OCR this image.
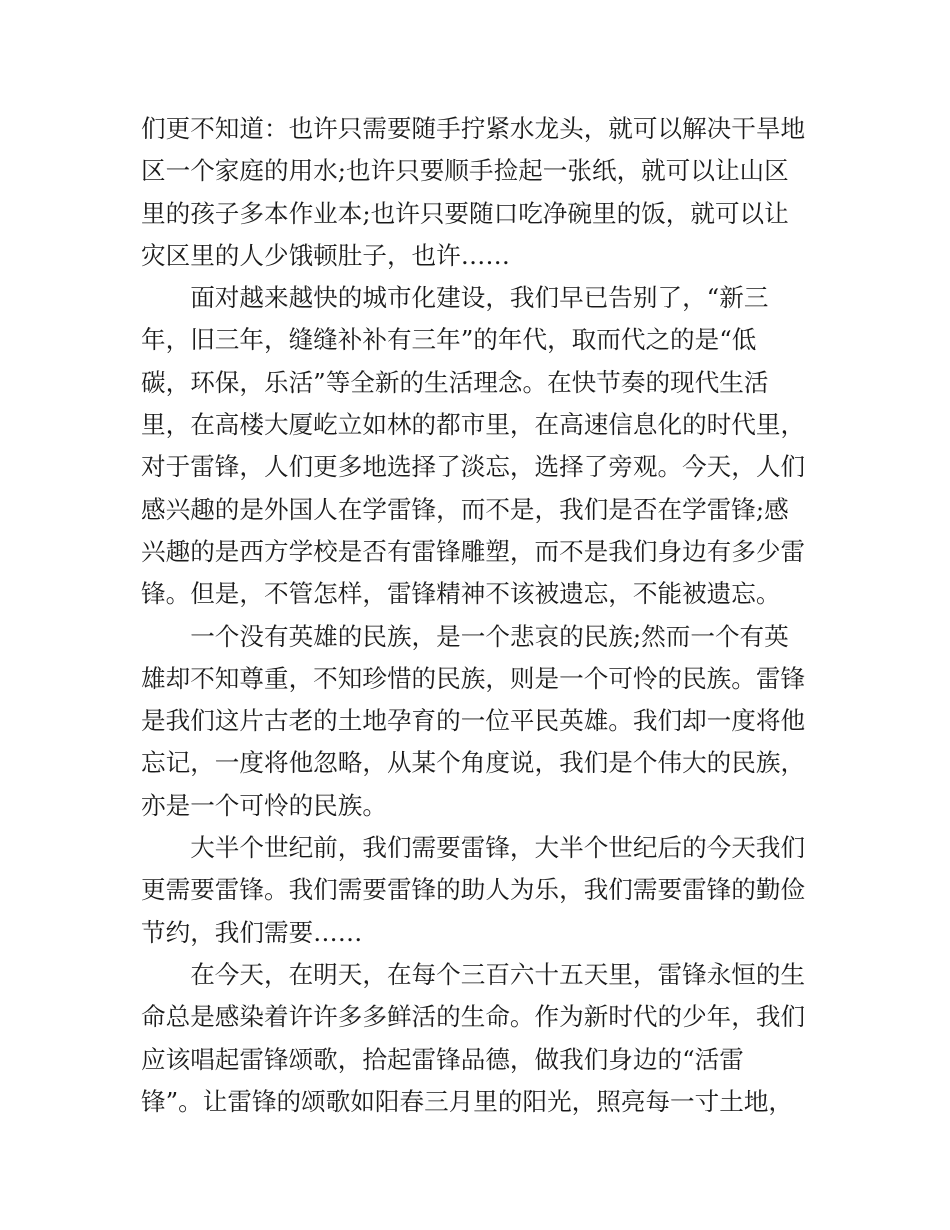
们更不知道：也许只需要随手拧紧水龙头，就可以解决干旱地
区一个家庭的用水;也许只要顺手捡起一张纸，就可以让山区
里的孩子多本作业本;也许只要随口吃净碗里的饭，就可以让
灾区里的人少饿顿肚子，也许……
　　面对越来越快的城市化建设，我们早已告别了，“新三
年，旧三年，缝缝补补有三年”的年代，取而代之的是“低
碳，环保，乐活”等全新的生活理念。在快节奏的现代生活
里，在高楼大厦屹立如林的都市里，在高速信息化的时代里，
对于雷锋，人们更多地选择了淡忘，选择了旁观。今天，人们
感兴趣的是外国人在学雷锋，而不是，我们是否在学雷锋;感
兴趣的是西方学校是否有雷锋雕塑，而不是我们身边有多少雷
锋。但是，不管怎样，雷锋精神不该被遗忘，不能被遗忘。
　　一个没有英雄的民族，是一个悲哀的民族;然而一个有英
雄却不知尊重，不知珍惜的民族，则是一个可怜的民族。雷锋
是我们这片古老的土地孕育的一位平民英雄。我们却一度将他
忘记，一度将他忽略，从某个角度说，我们是个伟大的民族，
亦是一个可怜的民族。
　　大半个世纪前，我们需要雷锋，大半个世纪后的今天我们
更需要雷锋。我们需要雷锋的助人为乐，我们需要雷锋的勤俭
节约，我们需要……
　　在今天，在明天，在每个三百六十五天里，雷锋永恒的生
命总是感染着许许多多鲜活的生命。作为新时代的少年，我们
应该唱起雷锋颂歌，拾起雷锋品德，做我们身边的“活雷
锋”。让雷锋的颂歌如阳春三月里的阳光，照亮每一寸土地，
